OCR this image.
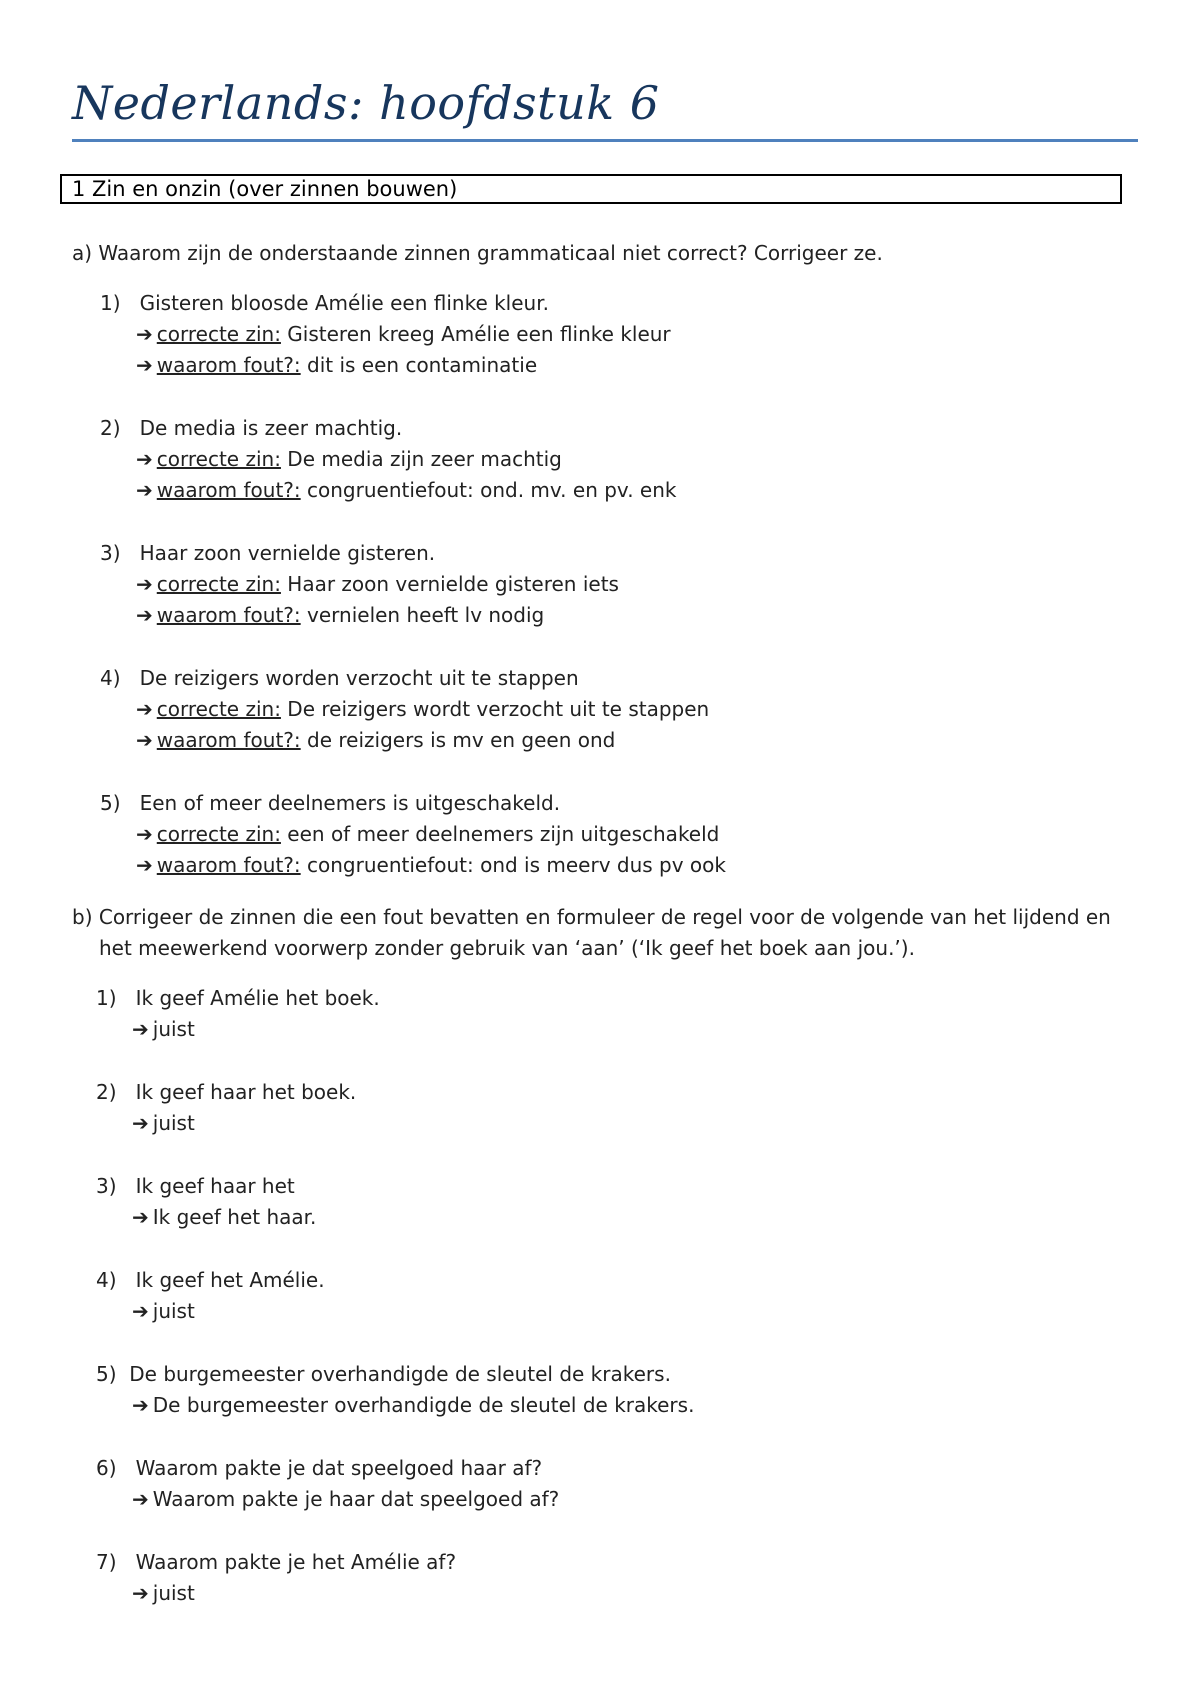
Nederlands: hoofdstuk 6
1 Zin en onzin (over zinnen bouwen)
a) Waarom zijn de onderstaande zinnen grammaticaal niet correct? Corrigeer ze.
1) Gisteren bloosde Amélie een flinke kleur.
➔ correcte zin: Gisteren kreeg Amélie een flinke kleur
➔ waarom fout?: dit is een contaminatie
2) De media is zeer machtig.
➔ correcte zin: De media zijn zeer machtig
➔ waarom fout?: congruentiefout: ond. mv. en pv. enk
3) Haar zoon vernielde gisteren.
➔ correcte zin: Haar zoon vernielde gisteren iets
➔ waarom fout?: vernielen heeft lv nodig
4) De reizigers worden verzocht uit te stappen
➔ correcte zin: De reizigers wordt verzocht uit te stappen
➔ waarom fout?: de reizigers is mv en geen ond
5) Een of meer deelnemers is uitgeschakeld.
➔ correcte zin: een of meer deelnemers zijn uitgeschakeld
➔ waarom fout?: congruentiefout: ond is meerv dus pv ook
b) Corrigeer de zinnen die een fout bevatten en formuleer de regel voor de volgende van het lijdend en
het meewerkend voorwerp zonder gebruik van ‘aan’ (‘Ik geef het boek aan jou.’).
1) Ik geef Amélie het boek.
➔ juist
2) Ik geef haar het boek.
➔ juist
3) Ik geef haar het
➔ Ik geef het haar.
4) Ik geef het Amélie.
➔ juist
5) De burgemeester overhandigde de sleutel de krakers.
➔ De burgemeester overhandigde de sleutel de krakers.
6) Waarom pakte je dat speelgoed haar af?
➔ Waarom pakte je haar dat speelgoed af?
7) Waarom pakte je het Amélie af?
➔ juist
